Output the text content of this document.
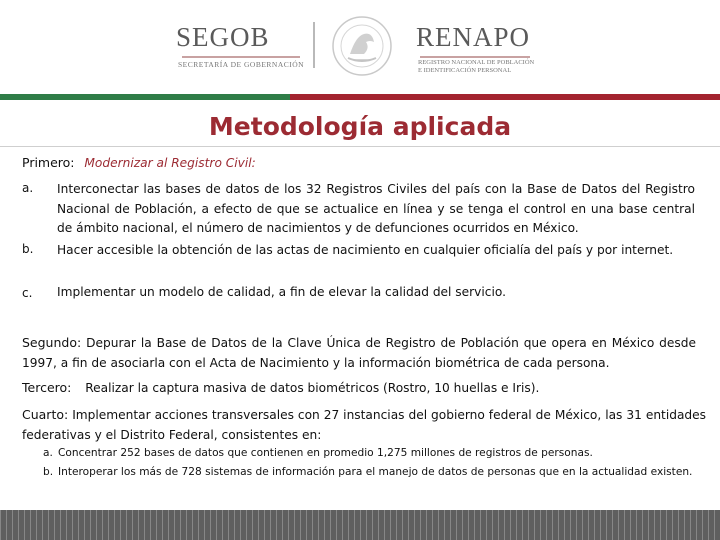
SEGOB
SECRETARÍA DE GOBERNACIÓN
RENAPO
REGISTRO NACIONAL DE POBLACIÓN
E IDENTIFICACIÓN PERSONAL
Metodología aplicada
Primero: Modernizar al Registro Civil:
a. Interconectar las bases de datos de los 32 Registros Civiles del país con la Base de Datos del Registro Nacional de Población, a efecto de que se actualice en línea y se tenga el control en una base central de ámbito nacional, el número de nacimientos y de defunciones ocurridos en México.
b. Hacer accesible la obtención de las actas de nacimiento en cualquier oficialía del país y por internet.
c. Implementar un modelo de calidad, a fin de elevar la calidad del servicio.
Segundo: Depurar la Base de Datos de la Clave Única de Registro de Población que opera en México desde 1997, a fin de asociarla con el Acta de Nacimiento y la información biométrica de cada persona.
Tercero: Realizar la captura masiva de datos biométricos (Rostro, 10 huellas e Iris).
Cuarto: Implementar acciones transversales con 27 instancias del gobierno federal de México, las 31 entidades federativas y el Distrito Federal, consistentes en:
a. Concentrar 252 bases de datos que contienen en promedio 1,275 millones de registros de personas.
b. Interoperar los más de 728 sistemas de información para el manejo de datos de personas que en la actualidad existen.
